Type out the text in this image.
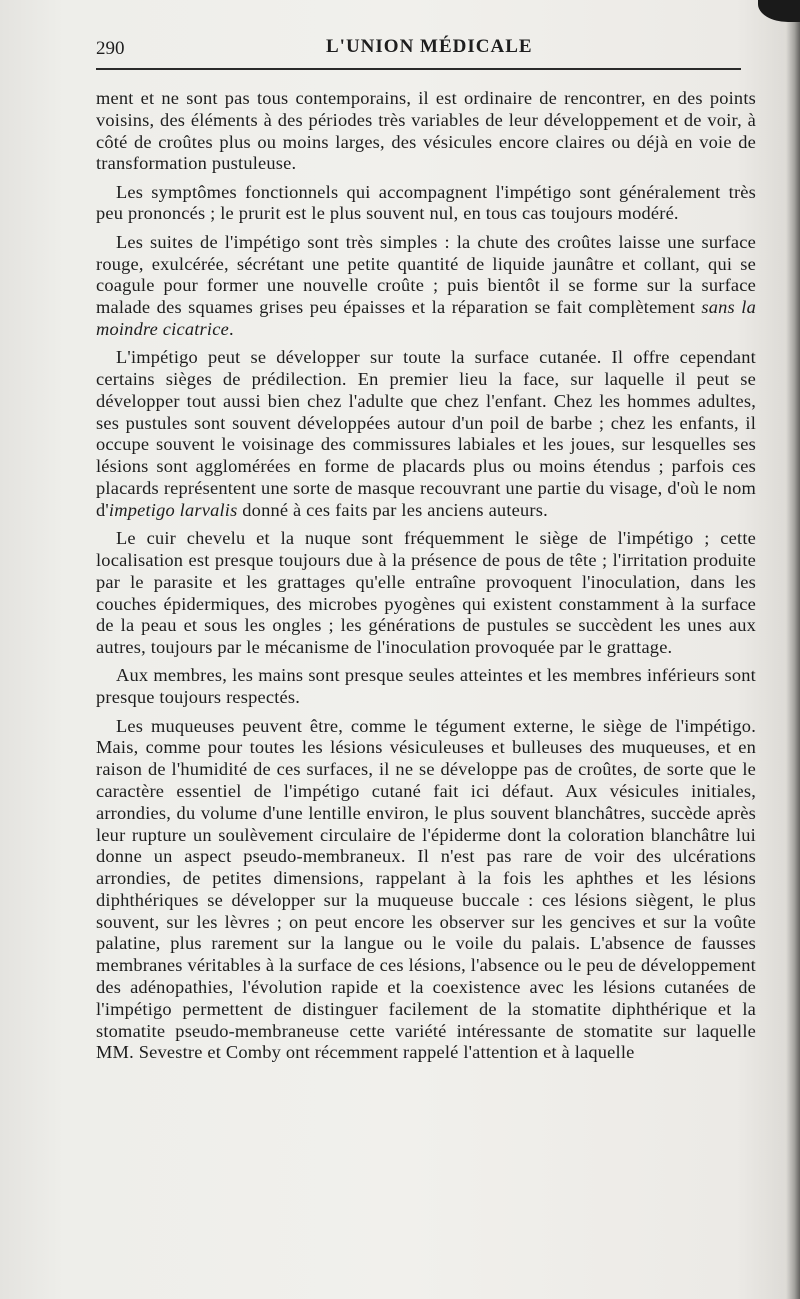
290	L'UNION MÉDICALE

ment et ne sont pas tous contemporains, il est ordinaire de rencontrer, en des points voisins, des éléments à des périodes très variables de leur développement et de voir, à côté de croûtes plus ou moins larges, des vésicules encore claires ou déjà en voie de transformation pustuleuse.

Les symptômes fonctionnels qui accompagnent l'impétigo sont généralement très peu prononcés ; le prurit est le plus souvent nul, en tous cas toujours modéré.

Les suites de l'impétigo sont très simples : la chute des croûtes laisse une surface rouge, exulcérée, sécrétant une petite quantité de liquide jaunâtre et collant, qui se coagule pour former une nouvelle croûte ; puis bientôt il se forme sur la surface malade des squames grises peu épaisses et la réparation se fait complètement sans la moindre cicatrice.

L'impétigo peut se développer sur toute la surface cutanée. Il offre cependant certains sièges de prédilection. En premier lieu la face, sur laquelle il peut se développer tout aussi bien chez l'adulte que chez l'enfant. Chez les hommes adultes, ses pustules sont souvent développées autour d'un poil de barbe ; chez les enfants, il occupe souvent le voisinage des commissures labiales et les joues, sur lesquelles ses lésions sont agglomérées en forme de placards plus ou moins étendus ; parfois ces placards représentent une sorte de masque recouvrant une partie du visage, d'où le nom d'impetigo larvalis donné à ces faits par les anciens auteurs.

Le cuir chevelu et la nuque sont fréquemment le siège de l'impétigo ; cette localisation est presque toujours due à la présence de pous de tête ; l'irritation produite par le parasite et les grattages qu'elle entraîne provoquent l'inoculation, dans les couches épidermiques, des microbes pyogènes qui existent constamment à la surface de la peau et sous les ongles ; les générations de pustules se succèdent les unes aux autres, toujours par le mécanisme de l'inoculation provoquée par le grattage.

Aux membres, les mains sont presque seules atteintes et les membres inférieurs sont presque toujours respectés.

Les muqueuses peuvent être, comme le tégument externe, le siège de l'impétigo. Mais, comme pour toutes les lésions vésiculeuses et bulleuses des muqueuses, et en raison de l'humidité de ces surfaces, il ne se développe pas de croûtes, de sorte que le caractère essentiel de l'impétigo cutané fait ici défaut. Aux vésicules initiales, arrondies, du volume d'une lentille environ, le plus souvent blanchâtres, succède après leur rupture un soulèvement circulaire de l'épiderme dont la coloration blanchâtre lui donne un aspect pseudo-membraneux. Il n'est pas rare de voir des ulcérations arrondies, de petites dimensions, rappelant à la fois les aphthes et les lésions diphthériques se développer sur la muqueuse buccale : ces lésions siègent, le plus souvent, sur les lèvres ; on peut encore les observer sur les gencives et sur la voûte palatine, plus rarement sur la langue ou le voile du palais. L'absence de fausses membranes véritables à la surface de ces lésions, l'absence ou le peu de développement des adénopathies, l'évolution rapide et la coexistence avec les lésions cutanées de l'impétigo permettent de distinguer facilement de la stomatite diphthérique et la stomatite pseudo-membraneuse cette variété intéressante de stomatite sur laquelle MM. Sevestre et Comby ont récemment rappelé l'attention et à laquelle
